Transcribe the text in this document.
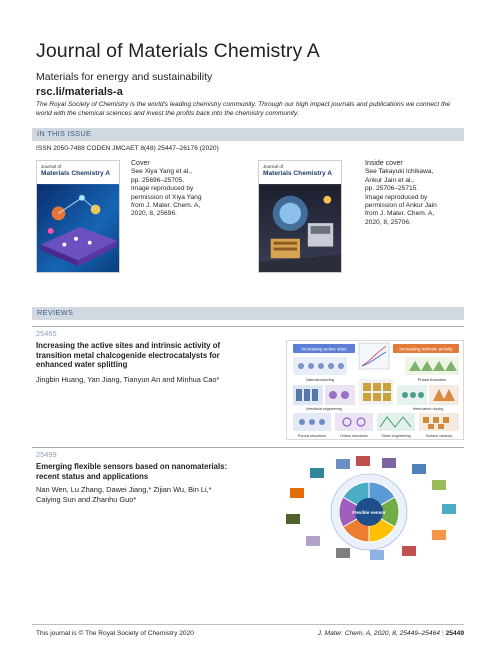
Journal of Materials Chemistry A
Materials for energy and sustainability
rsc.li/materials-a
The Royal Society of Chemistry is the world's leading chemistry community. Through our high impact journals and publications we connect the world with the chemical sciences and invest the profits back into the chemistry community.
IN THIS ISSUE
ISSN 2050-7488 CODEN JMCAET 8(48) 25447–26176 (2020)
Journal of
Materials Chemistry A
Cover
See Xiya Yang et al.,
pp. 25696–25705.
Image reproduced by
permission of Xiya Yang
from J. Mater. Chem. A,
2020, 8, 25696.
Journal of
Materials Chemistry A
Inside cover
See Takayuki Ichikawa,
Ankur Jain et al.,
pp. 25706–25715.
Image reproduced by
permission of Ankur Jain
from J. Mater. Chem. A,
2020, 8, 25706.
REVIEWS
25465
Increasing the active sites and intrinsic activity of
transition metal chalcogenide electrocatalysts for
enhanced water splitting
Jingbin Huang, Yan Jiang, Tianyun An and Minhua Cao*
Increasing active sites	Increasing intrinsic activity
Nanostructuring	Phase transition
Interfacial engineering	Heteroatom doping
Porous structures	Hollow structures	Strain engineering	Surface vacancy
25499
Emerging flexible sensors based on nanomaterials:
recent status and applications
Nan Wen, Lu Zhang, Dawei Jiang,* Zijian Wu, Bin Li,*
Caiying Sun and Zhanhu Guo*
Flexible sensor
This journal is © The Royal Society of Chemistry 2020	J. Mater. Chem. A, 2020, 8, 25449–25464 | 25449
